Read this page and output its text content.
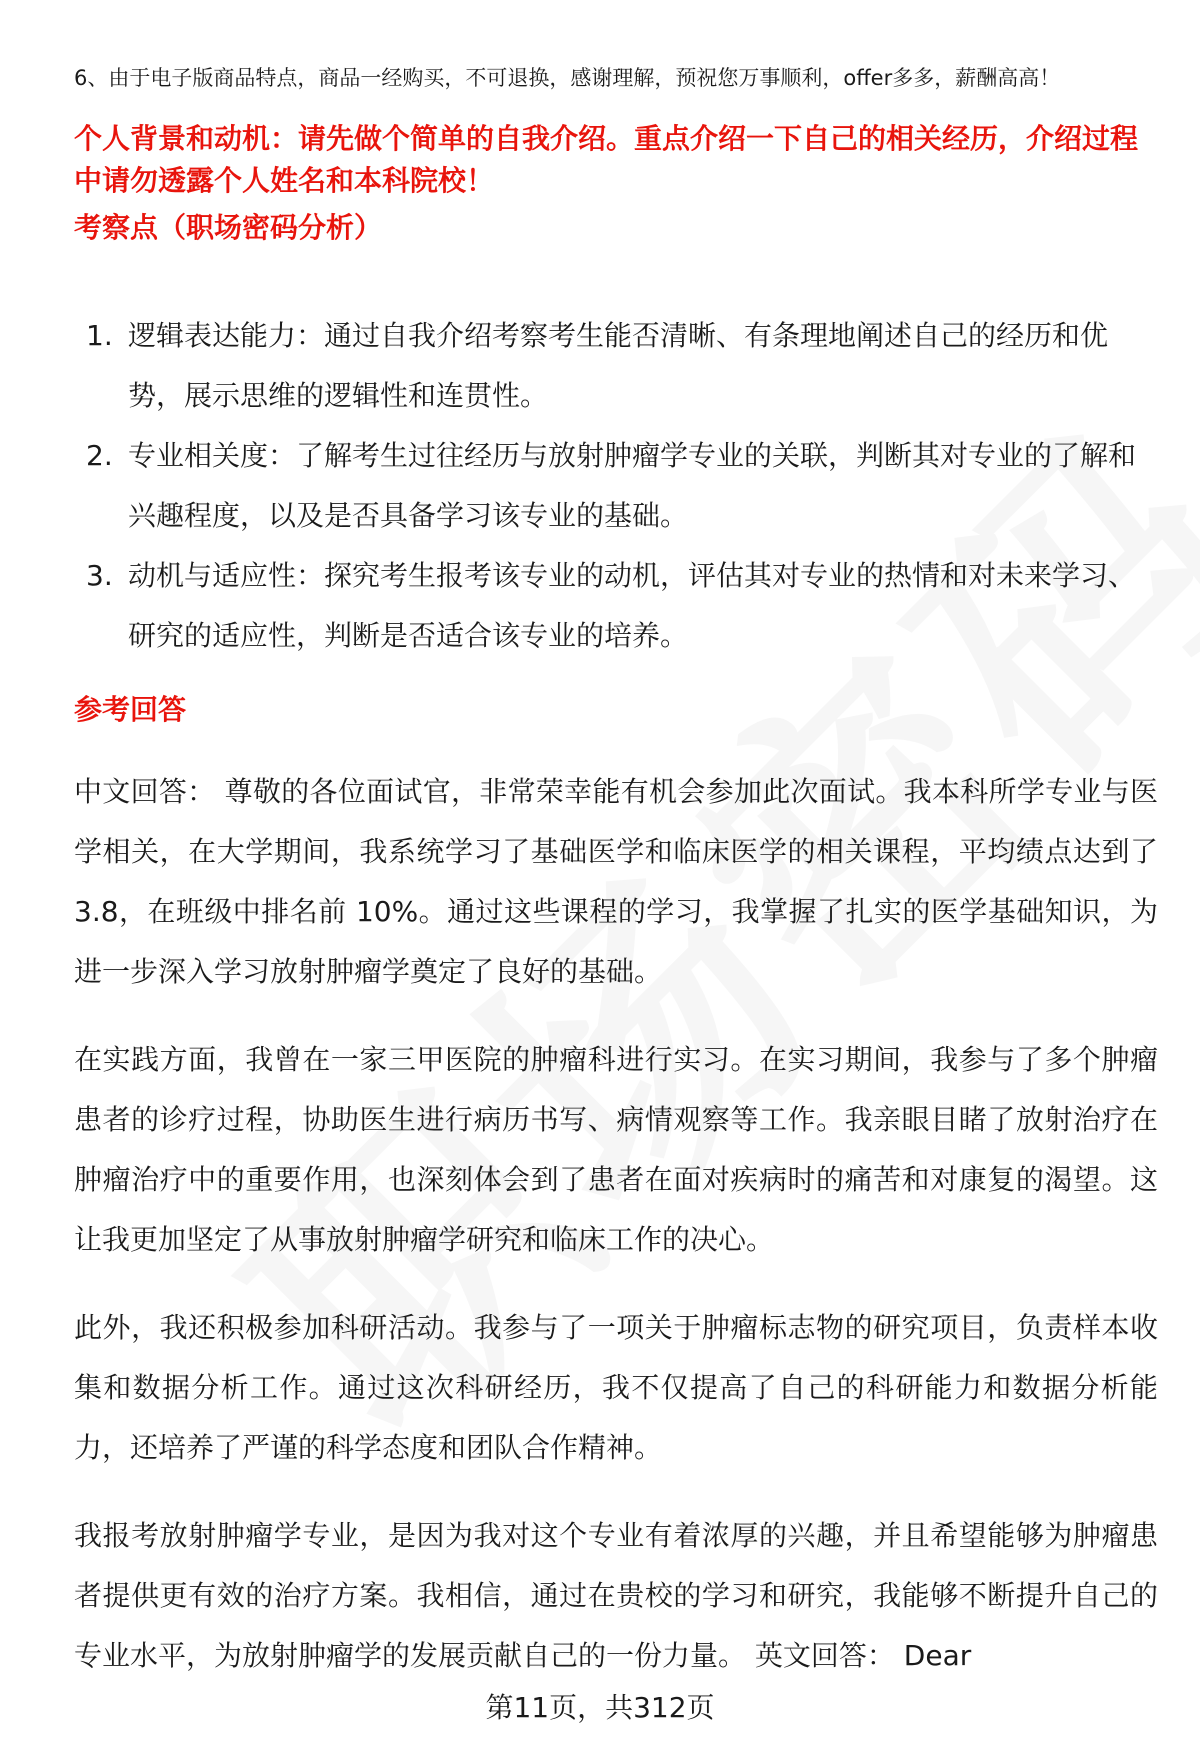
6、由于电子版商品特点，商品一经购买，不可退换，感谢理解，预祝您万事顺利，offer多多，薪酬高高！

个人背景和动机：请先做个简单的自我介绍。重点介绍一下自己的相关经历，介绍过程中请勿透露个人姓名和本科院校！

考察点（职场密码分析）

1. 逻辑表达能力：通过自我介绍考察考生能否清晰、有条理地阐述自己的经历和优势，展示思维的逻辑性和连贯性。
2. 专业相关度：了解考生过往经历与放射肿瘤学专业的关联，判断其对专业的了解和兴趣程度，以及是否具备学习该专业的基础。
3. 动机与适应性：探究考生报考该专业的动机，评估其对专业的热情和对未来学习、研究的适应性，判断是否适合该专业的培养。

参考回答

中文回答： 尊敬的各位面试官，非常荣幸能有机会参加此次面试。我本科所学专业与医学相关，在大学期间，我系统学习了基础医学和临床医学的相关课程，平均绩点达到了 3.8，在班级中排名前 10%。通过这些课程的学习，我掌握了扎实的医学基础知识，为进一步深入学习放射肿瘤学奠定了良好的基础。

在实践方面，我曾在一家三甲医院的肿瘤科进行实习。在实习期间，我参与了多个肿瘤患者的诊疗过程，协助医生进行病历书写、病情观察等工作。我亲眼目睹了放射治疗在肿瘤治疗中的重要作用，也深刻体会到了患者在面对疾病时的痛苦和对康复的渴望。这让我更加坚定了从事放射肿瘤学研究和临床工作的决心。

此外，我还积极参加科研活动。我参与了一项关于肿瘤标志物的研究项目，负责样本收集和数据分析工作。通过这次科研经历，我不仅提高了自己的科研能力和数据分析能力，还培养了严谨的科学态度和团队合作精神。

我报考放射肿瘤学专业，是因为我对这个专业有着浓厚的兴趣，并且希望能够为肿瘤患者提供更有效的治疗方案。我相信，通过在贵校的学习和研究，我能够不断提升自己的专业水平，为放射肿瘤学的发展贡献自己的一份力量。 英文回答： Dear

第11页，共312页
